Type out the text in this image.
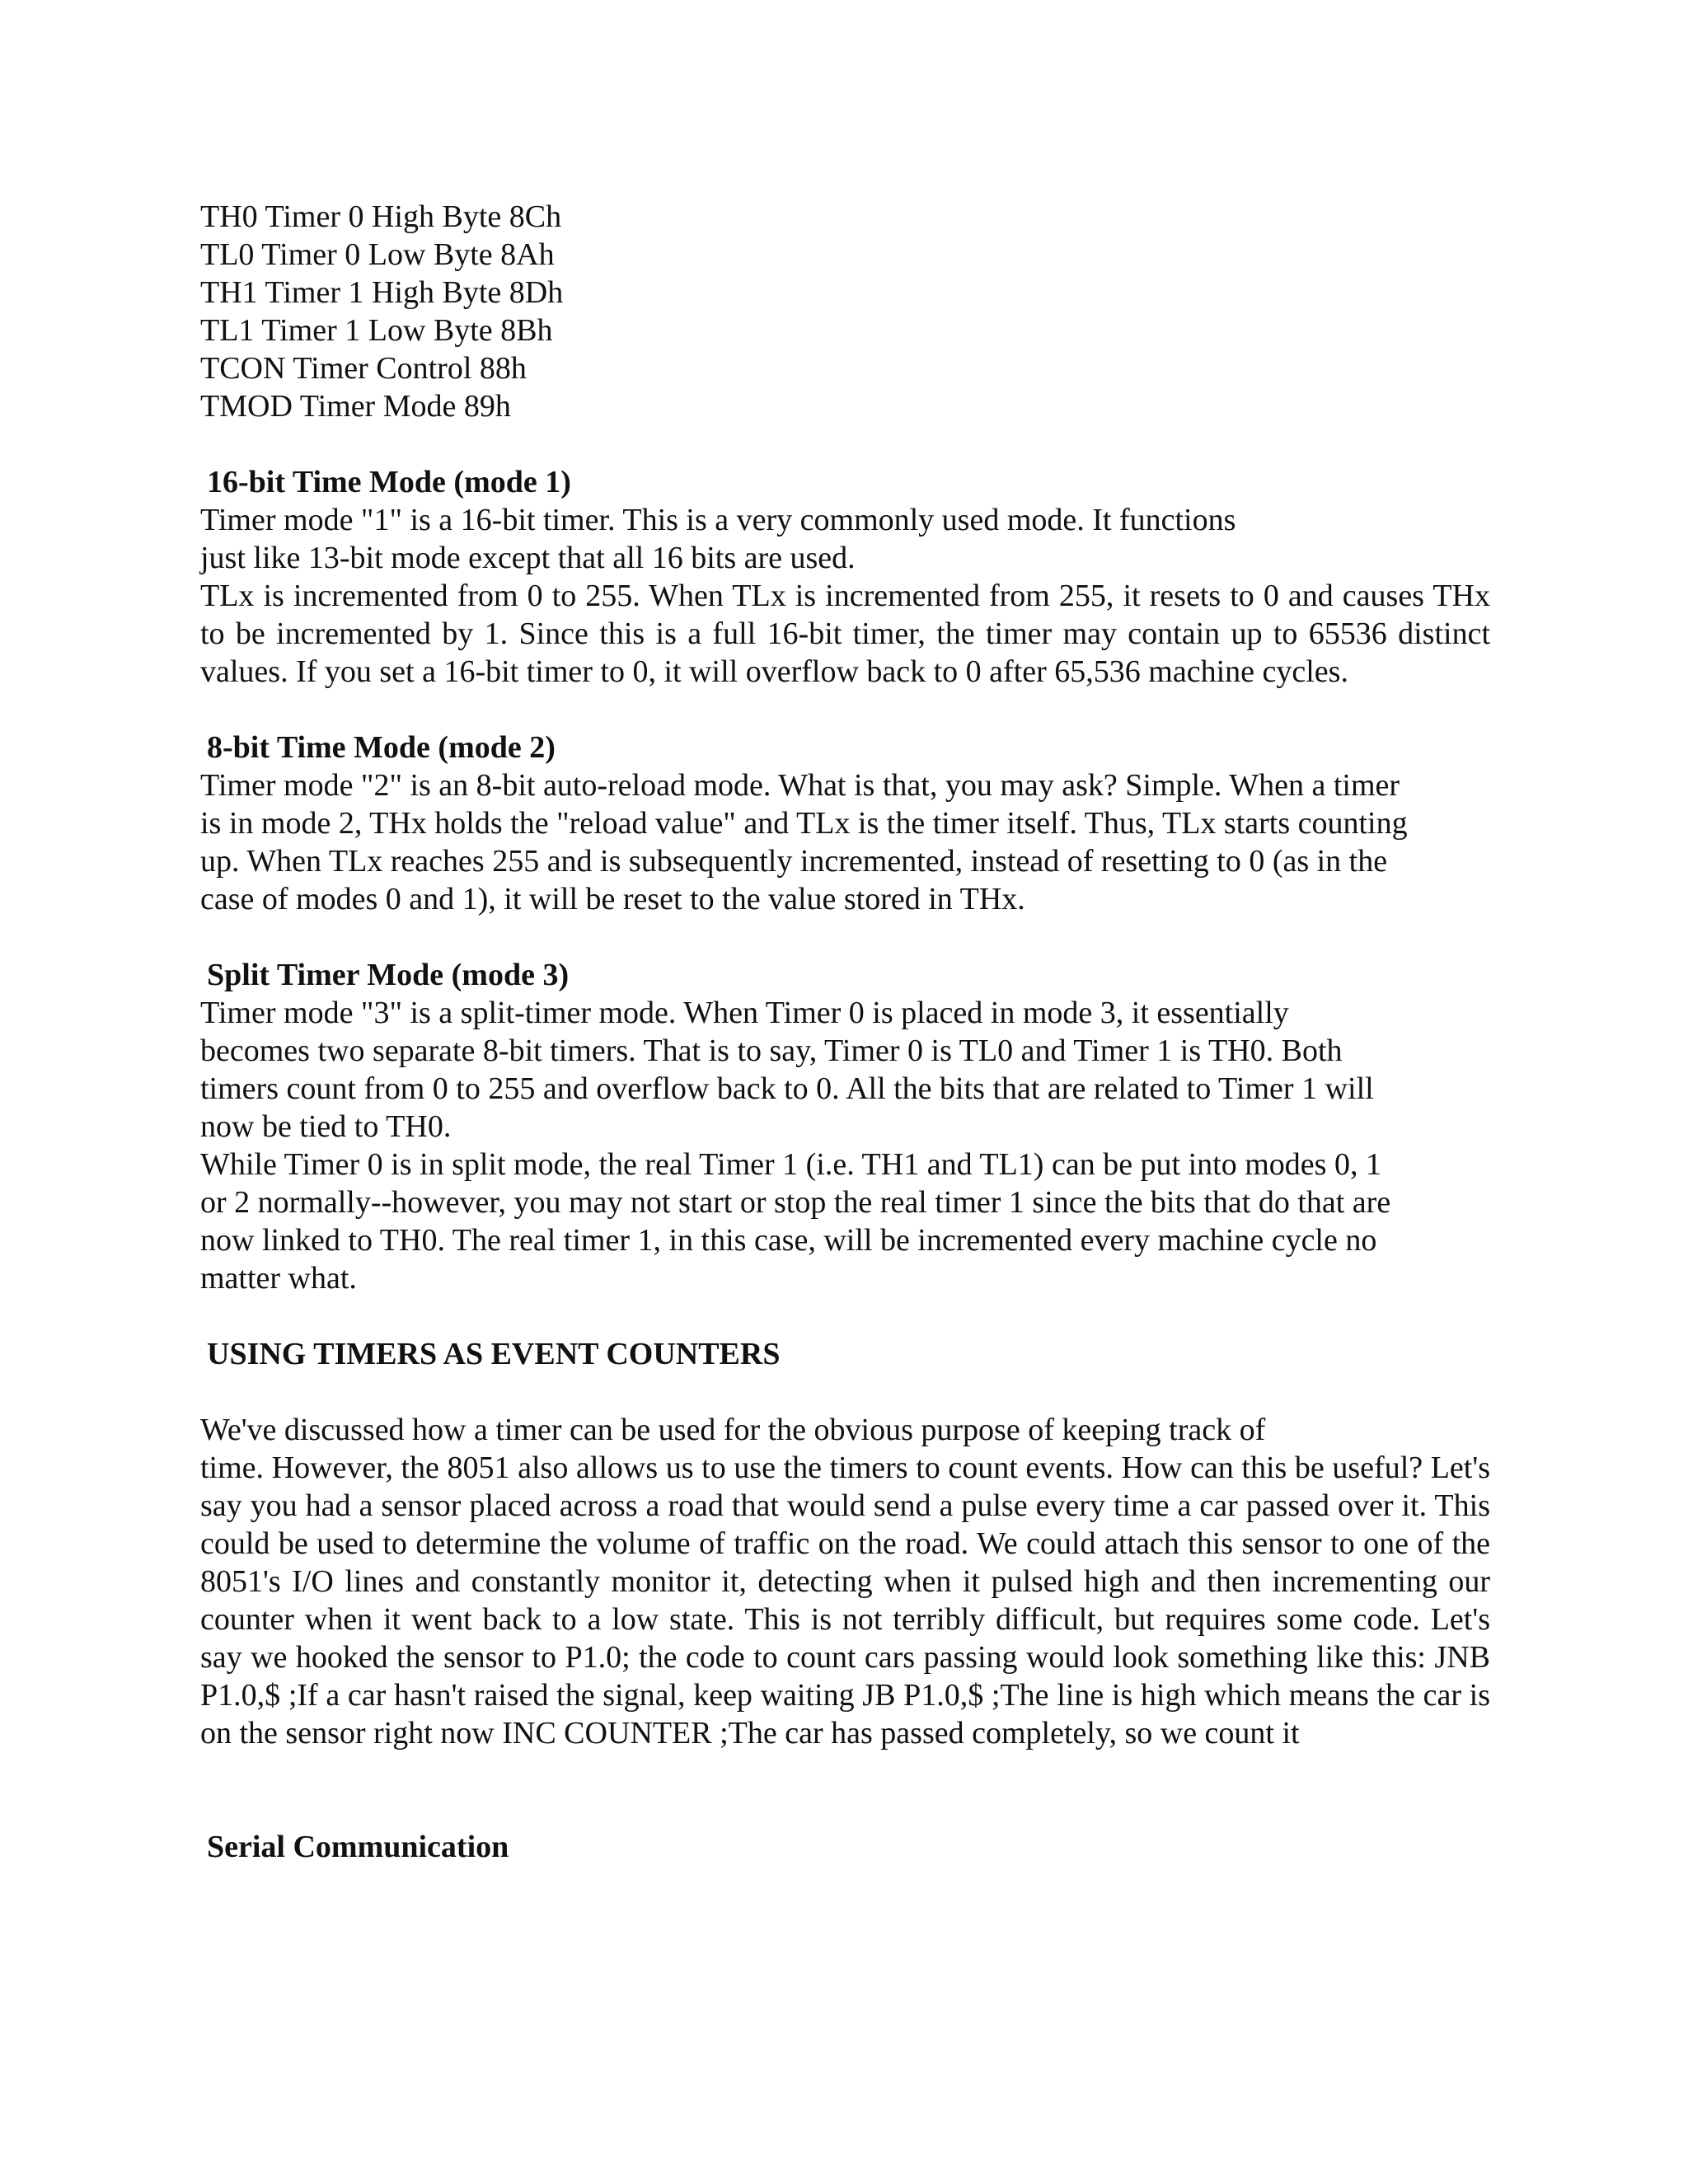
TH0 Timer 0 High Byte 8Ch
TL0 Timer 0 Low Byte 8Ah
TH1 Timer 1 High Byte 8Dh
TL1 Timer 1 Low Byte 8Bh
TCON Timer Control 88h
TMOD Timer Mode 89h
16-bit Time Mode (mode 1)
Timer mode "1" is a 16-bit timer. This is a very commonly used mode. It functions
just like 13-bit mode except that all 16 bits are used.

TLx is incremented from 0 to 255. When TLx is incremented from 255, it resets to 0 and causes THx to be incremented by 1. Since this is a full 16-bit timer, the timer may contain up to 65536 distinct values. If you set a 16-bit timer to 0, it will overflow back to 0 after 65,536 machine cycles.

8-bit Time Mode (mode 2)
Timer mode "2" is an 8-bit auto-reload mode. What is that, you may ask? Simple. When a timer
is in mode 2, THx holds the "reload value" and TLx is the timer itself. Thus, TLx starts counting
up. When TLx reaches 255 and is subsequently incremented, instead of resetting to 0 (as in the
case of modes 0 and 1), it will be reset to the value stored in THx.
Split Timer Mode (mode 3)
Timer mode "3" is a split-timer mode. When Timer 0 is placed in mode 3, it essentially
becomes two separate 8-bit timers. That is to say, Timer 0 is TL0 and Timer 1 is TH0. Both
timers count from 0 to 255 and overflow back to 0. All the bits that are related to Timer 1 will
now be tied to TH0.
While Timer 0 is in split mode, the real Timer 1 (i.e. TH1 and TL1) can be put into modes 0, 1
or 2 normally--however, you may not start or stop the real timer 1 since the bits that do that are
now linked to TH0. The real timer 1, in this case, will be incremented every machine cycle no
matter what.
USING TIMERS AS EVENT COUNTERS
We've discussed how a timer can be used for the obvious purpose of keeping track of

time. However, the 8051 also allows us to use the timers to count events. How can this be useful? Let's say you had a sensor placed across a road that would send a pulse every time a car passed over it. This could be used to determine the volume of traffic on the road. We could attach this sensor to one of the 8051's I/O lines and constantly monitor it, detecting when it pulsed high and then incrementing our counter when it went back to a low state. This is not terribly difficult, but requires some code. Let's say we hooked the sensor to P1.0; the code to count cars passing would look something like this: JNB P1.0,$ ;If a car hasn't raised the signal, keep waiting JB P1.0,$ ;The line is high which means the car is on the sensor right now INC COUNTER ;The car has passed completely, so we count it

Serial Communication
